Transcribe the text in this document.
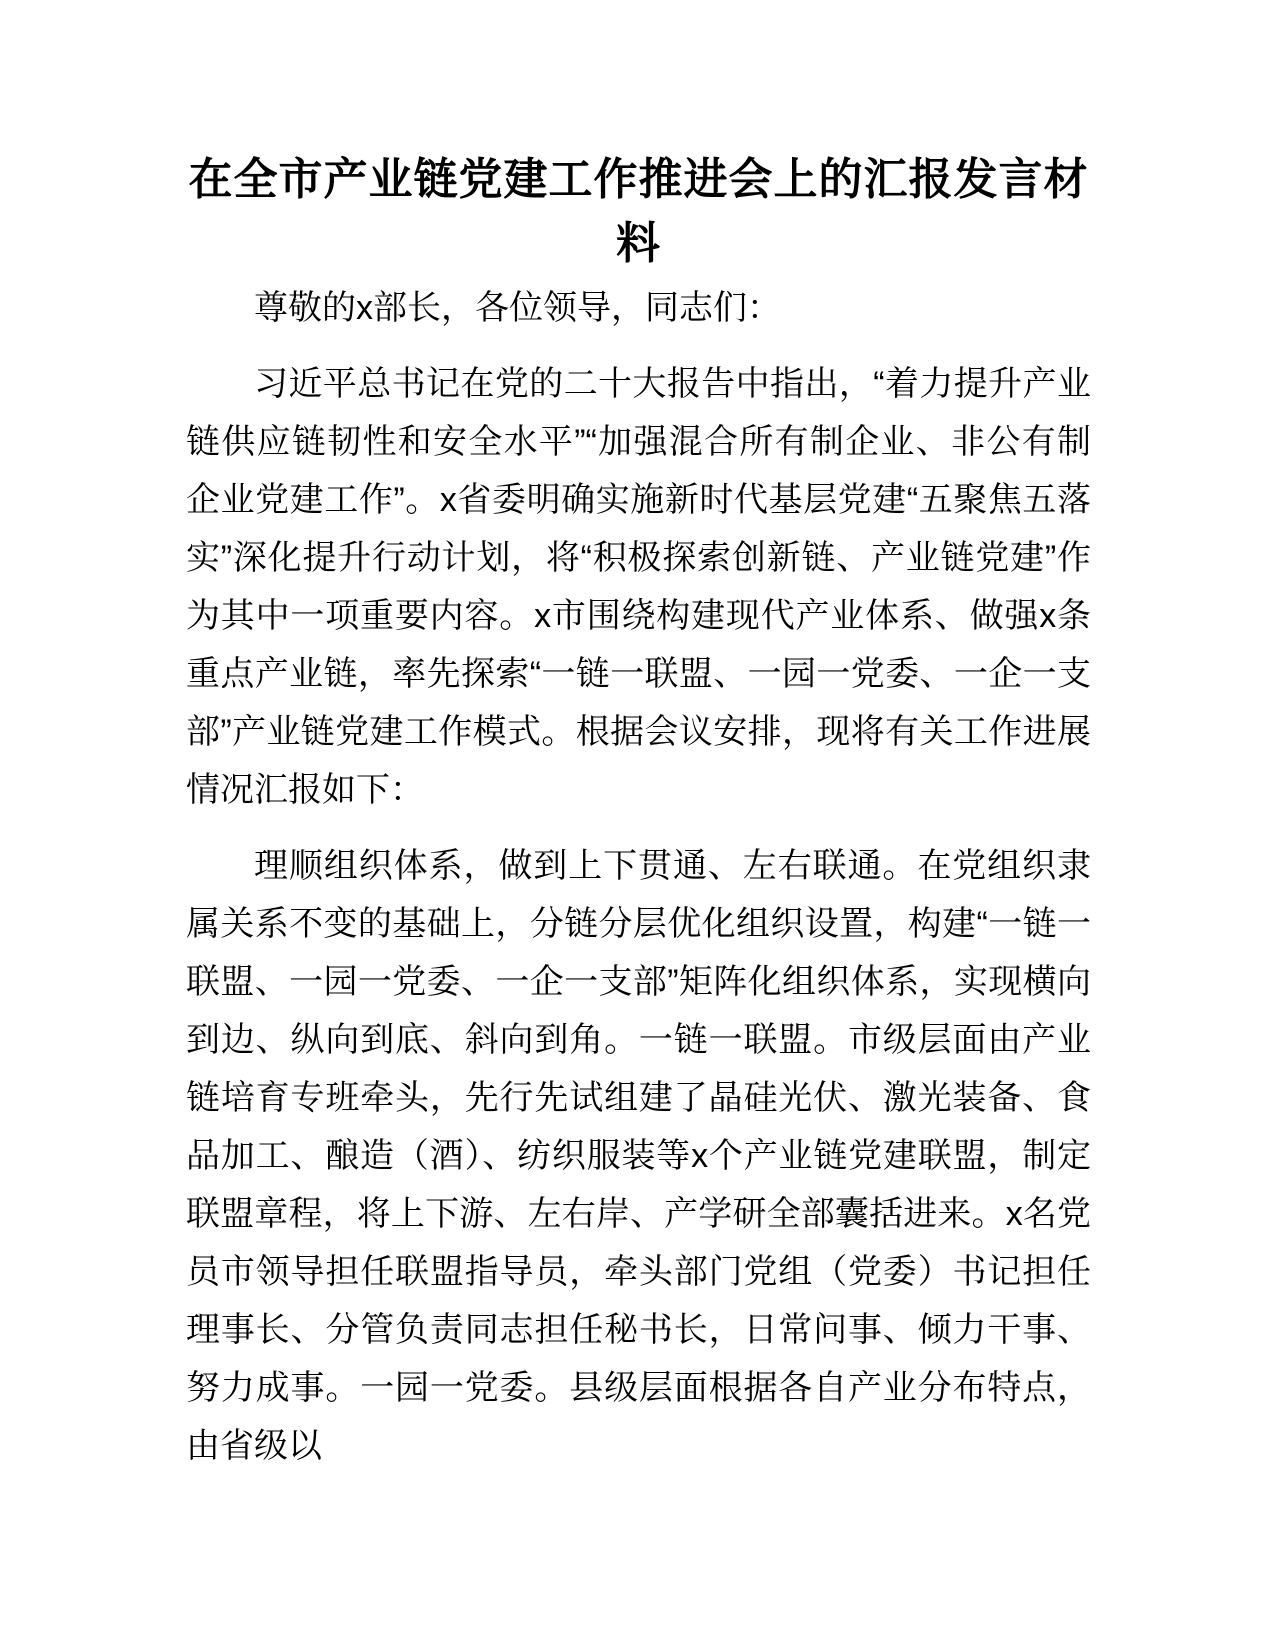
在全市产业链党建工作推进会上的汇报发言材料

尊敬的x部长，各位领导，同志们：

习近平总书记在党的二十大报告中指出，“着力提升产业链供应链韧性和安全水平”“加强混合所有制企业、非公有制企业党建工作”。x省委明确实施新时代基层党建“五聚焦五落实”深化提升行动计划，将“积极探索创新链、产业链党建”作为其中一项重要内容。x市围绕构建现代产业体系、做强x条重点产业链，率先探索“一链一联盟、一园一党委、一企一支部”产业链党建工作模式。根据会议安排，现将有关工作进展情况汇报如下：

理顺组织体系，做到上下贯通、左右联通。在党组织隶属关系不变的基础上，分链分层优化组织设置，构建“一链一联盟、一园一党委、一企一支部”矩阵化组织体系，实现横向到边、纵向到底、斜向到角。一链一联盟。市级层面由产业链培育专班牵头，先行先试组建了晶硅光伏、激光装备、食品加工、酿造（酒）、纺织服装等x个产业链党建联盟，制定联盟章程，将上下游、左右岸、产学研全部囊括进来。x名党员市领导担任联盟指导员，牵头部门党组（党委）书记担任理事长、分管负责同志担任秘书长，日常问事、倾力干事、努力成事。一园一党委。县级层面根据各自产业分布特点，由省级以
